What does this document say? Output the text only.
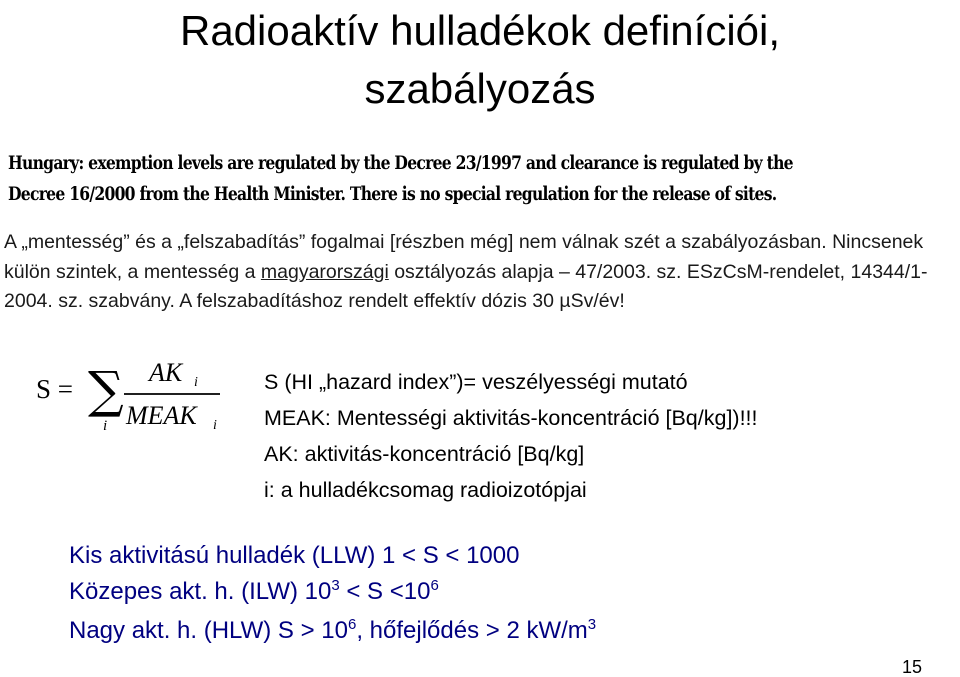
Radioaktív hulladékok definíciói,
szabályozás
Hungary: exemption levels are regulated by the Decree 23/1997 and clearance is regulated by the
Decree 16/2000 from the Health Minister. There is no special regulation for the release of sites.
A „mentesség” és a „felszabadítás” fogalmai [részben még] nem válnak szét a szabályozásban. Nincsenek külön szintek, a mentesség a magyarországi osztályozás alapja – 47/2003. sz. ESzCsM-rendelet, 14344/1-2004. sz. szabvány. A felszabadításhoz rendelt effektív dózis 30 µSv/év!
S = ∑
i
AK i
MEAK i
S (HI „hazard index”)= veszélyességi mutató
MEAK: Mentességi aktivitás-koncentráció [Bq/kg])!!!
AK: aktivitás-koncentráció [Bq/kg]
i: a hulladékcsomag radioizotópjai
Kis aktivitású hulladék (LLW) 1 < S < 1000
Közepes akt. h. (ILW) $10^3 < S <10^6$
Nagy akt. h. (HLW) $S > 10^6$, hőfejlődés > 2 $kW/m^3$
15
